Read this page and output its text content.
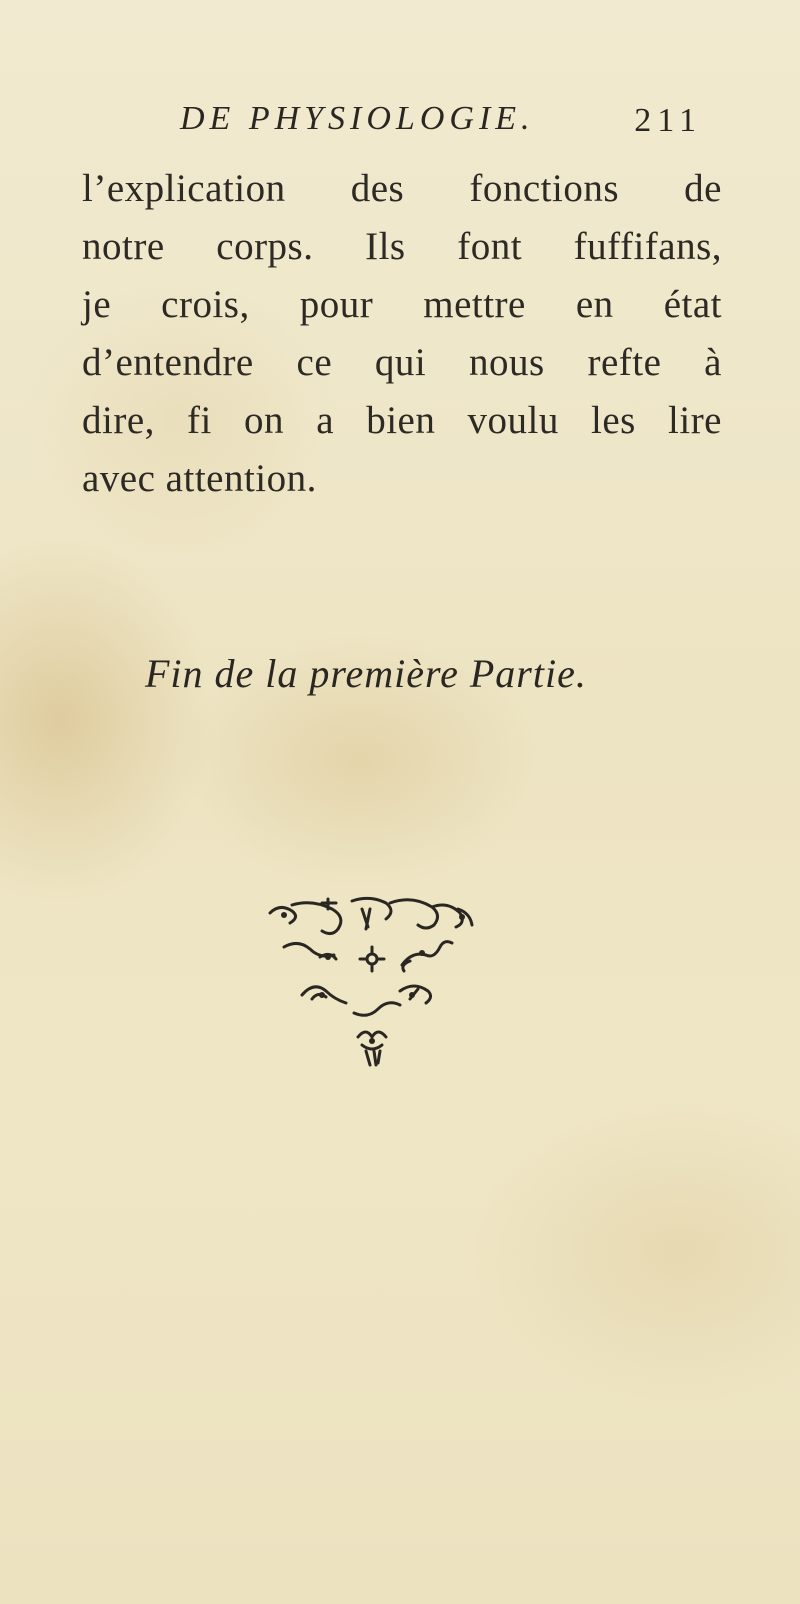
DE PHYSIOLOGIE.	211
l’explication des fonctions de
notre corps. Ils font fuffifans,
je crois, pour mettre en état
d’entendre ce qui nous refte à
dire, fi on a bien voulu les lire
avec attention.
Fin de la première Partie.
